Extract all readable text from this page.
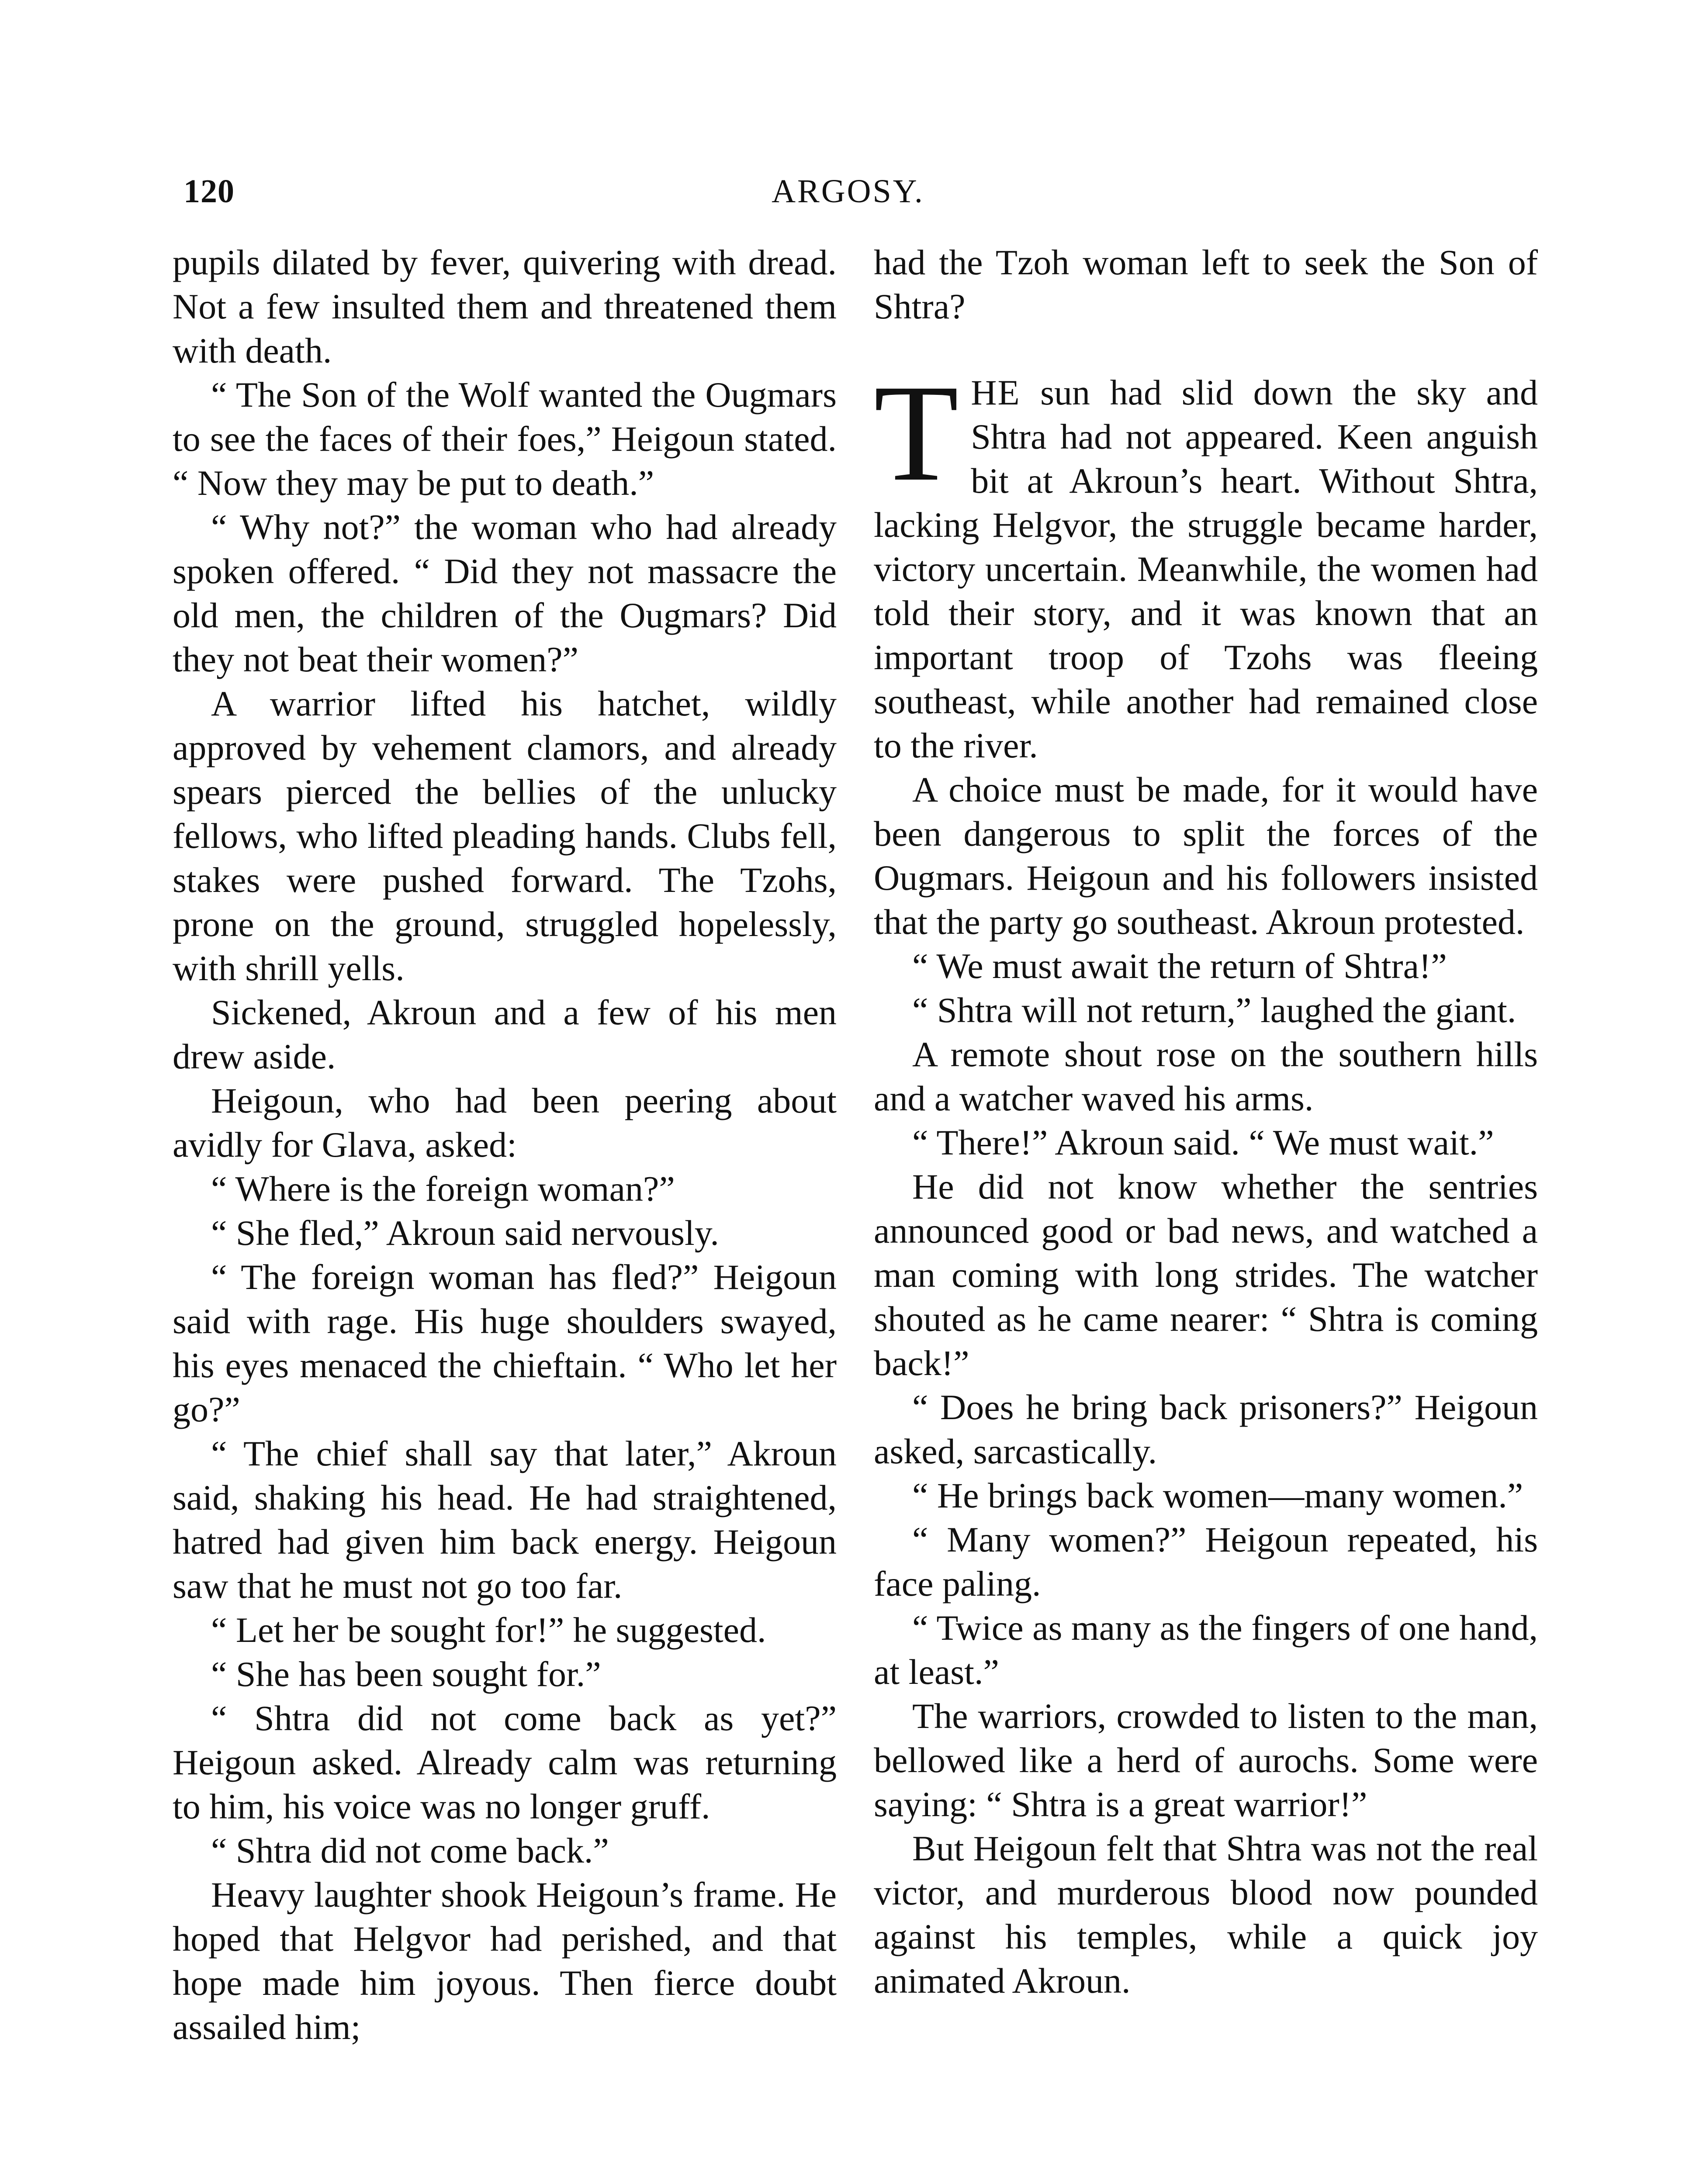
120	ARGOSY.

pupils dilated by fever, quivering with dread. Not a few insulted them and threatened them with death.

“ The Son of the Wolf wanted the Ougmars to see the faces of their foes,” Heigoun stated. “ Now they may be put to death.”

“ Why not?” the woman who had already spoken offered. “ Did they not massacre the old men, the children of the Ougmars? Did they not beat their women?”

A warrior lifted his hatchet, wildly approved by vehement clamors, and already spears pierced the bellies of the unlucky fellows, who lifted pleading hands. Clubs fell, stakes were pushed forward. The Tzohs, prone on the ground, struggled hopelessly, with shrill yells.

Sickened, Akroun and a few of his men drew aside.

Heigoun, who had been peering about avidly for Glava, asked:

“ Where is the foreign woman?”

“ She fled,” Akroun said nervously.

“ The foreign woman has fled?” Heigoun said with rage. His huge shoulders swayed, his eyes menaced the chieftain. “ Who let her go?”

“ The chief shall say that later,” Akroun said, shaking his head. He had straightened, hatred had given him back energy. Heigoun saw that he must not go too far.

“ Let her be sought for!” he suggested.

“ She has been sought for.”

“ Shtra did not come back as yet?” Heigoun asked. Already calm was returning to him, his voice was no longer gruff.

“ Shtra did not come back.”

Heavy laughter shook Heigoun’s frame. He hoped that Helgvor had perished, and that hope made him joyous. Then fierce doubt assailed him;

had the Tzoh woman left to seek the Son of Shtra?

THE sun had slid down the sky and Shtra had not appeared. Keen anguish bit at Akroun’s heart. Without Shtra, lacking Helgvor, the struggle became harder, victory uncertain. Meanwhile, the women had told their story, and it was known that an important troop of Tzohs was fleeing southeast, while another had remained close to the river.

A choice must be made, for it would have been dangerous to split the forces of the Ougmars. Heigoun and his followers insisted that the party go southeast. Akroun protested.

“ We must await the return of Shtra!”

“ Shtra will not return,” laughed the giant.

A remote shout rose on the southern hills and a watcher waved his arms.

“ There!” Akroun said. “ We must wait.”

He did not know whether the sentries announced good or bad news, and watched a man coming with long strides. The watcher shouted as he came nearer: “ Shtra is coming back!”

“ Does he bring back prisoners?” Heigoun asked, sarcastically.

“ He brings back women—many women.”

“ Many women?” Heigoun repeated, his face paling.

“ Twice as many as the fingers of one hand, at least.”

The warriors, crowded to listen to the man, bellowed like a herd of aurochs. Some were saying: “ Shtra is a great warrior!”

But Heigoun felt that Shtra was not the real victor, and murderous blood now pounded against his temples, while a quick joy animated Akroun.
